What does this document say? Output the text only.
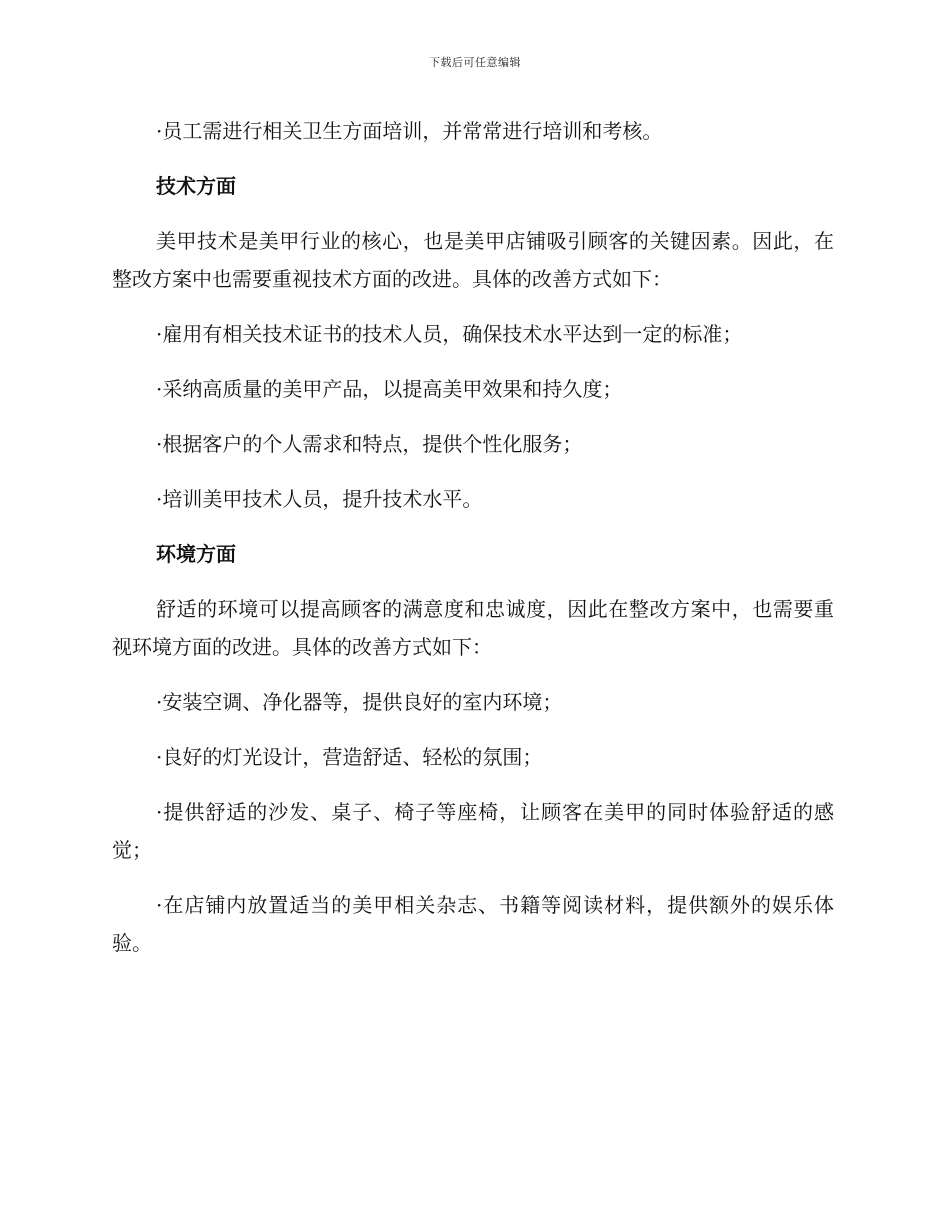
下载后可任意编辑

·员工需进行相关卫生方面培训，并常常进行培训和考核。

技术方面

美甲技术是美甲行业的核心，也是美甲店铺吸引顾客的关键因素。因此，在整改方案中也需要重视技术方面的改进。具体的改善方式如下：

·雇用有相关技术证书的技术人员，确保技术水平达到一定的标准；

·采纳高质量的美甲产品，以提高美甲效果和持久度；

·根据客户的个人需求和特点，提供个性化服务；

·培训美甲技术人员，提升技术水平。

环境方面

舒适的环境可以提高顾客的满意度和忠诚度，因此在整改方案中，也需要重视环境方面的改进。具体的改善方式如下：

·安装空调、净化器等，提供良好的室内环境；

·良好的灯光设计，营造舒适、轻松的氛围；

·提供舒适的沙发、桌子、椅子等座椅，让顾客在美甲的同时体验舒适的感觉；

·在店铺内放置适当的美甲相关杂志、书籍等阅读材料，提供额外的娱乐体验。
